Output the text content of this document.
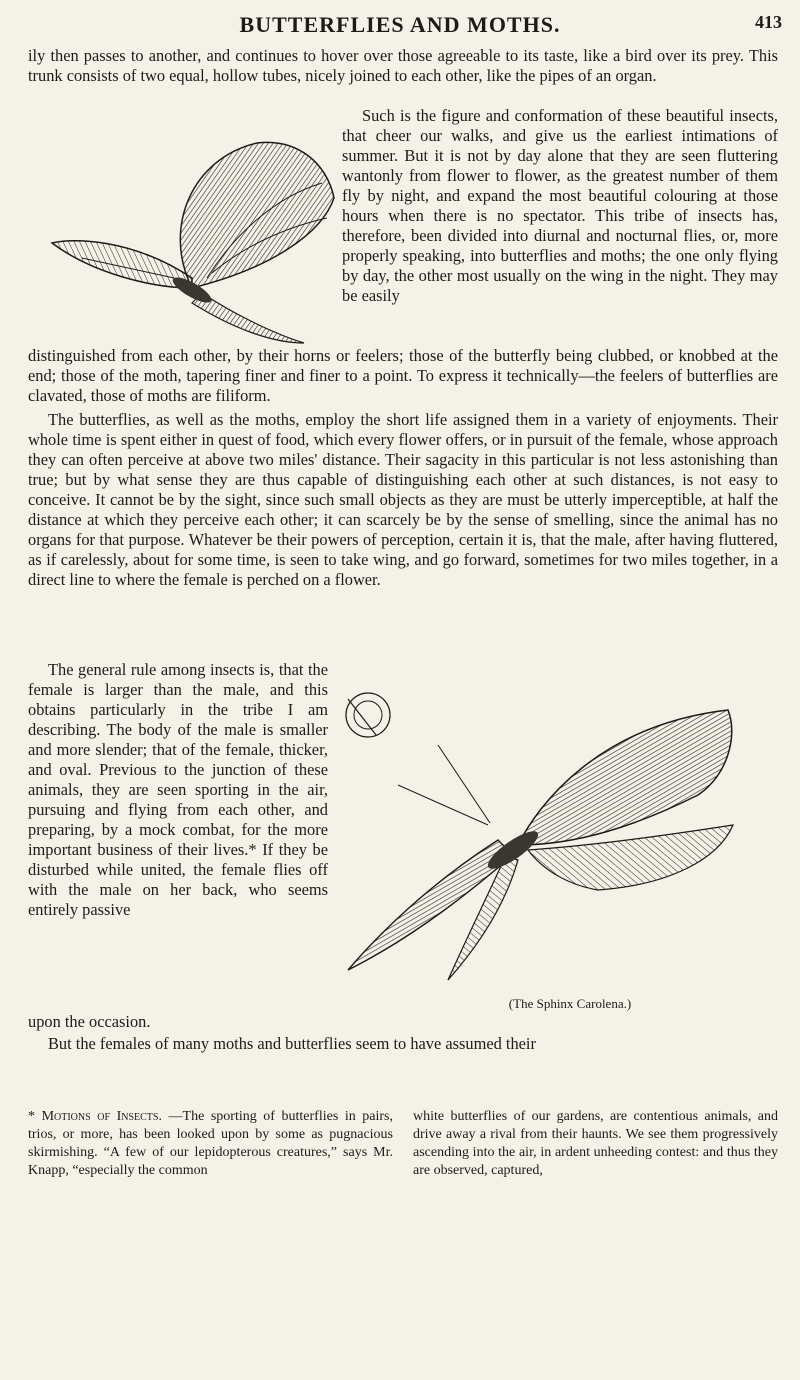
BUTTERFLIES AND MOTHS.	413

ily then passes to another, and continues to hover over those agreeable to its taste, like a bird over its prey. This trunk consists of two equal, hollow tubes, nicely joined to each other, like the pipes of an organ.

Such is the figure and conformation of these beautiful insects, that cheer our walks, and give us the earliest intimations of summer. But it is not by day alone that they are seen fluttering wantonly from flower to flower, as the greatest number of them fly by night, and expand the most beautiful colouring at those hours when there is no spectator. This tribe of insects has, therefore, been divided into diurnal and nocturnal flies, or, more properly speaking, into butterflies and moths; the one only flying by day, the other most usually on the wing in the night. They may be easily

distinguished from each other, by their horns or feelers; those of the butterfly being clubbed, or knobbed at the end; those of the moth, tapering finer and finer to a point. To express it technically—the feelers of butterflies are clavated, those of moths are filiform.

The butterflies, as well as the moths, employ the short life assigned them in a variety of enjoyments. Their whole time is spent either in quest of food, which every flower offers, or in pursuit of the female, whose approach they can often perceive at above two miles' distance. Their sagacity in this particular is not less astonishing than true; but by what sense they are thus capable of distinguishing each other at such distances, is not easy to conceive. It cannot be by the sight, since such small objects as they are must be utterly imperceptible, at half the distance at which they perceive each other; it can scarcely be by the sense of smelling, since the animal has no organs for that purpose. Whatever be their powers of perception, certain it is, that the male, after having fluttered, as if carelessly, about for some time, is seen to take wing, and go forward, sometimes for two miles together, in a direct line to where the female is perched on a flower.

The general rule among insects is, that the female is larger than the male, and this obtains particularly in the tribe I am describing. The body of the male is smaller and more slender; that of the female, thicker, and oval. Previous to the junction of these animals, they are seen sporting in the air, pursuing and flying from each other, and preparing, by a mock combat, for the more important business of their lives.* If they be disturbed while united, the female flies off with the male on her back, who seems entirely passive

(The Sphinx Carolena.)

upon the occasion.

But the females of many moths and butterflies seem to have assumed their

* Motions of Insects. —The sporting of butterflies in pairs, trios, or more, has been looked upon by some as pugnacious skirmishing. “A few of our lepidopterous creatures,” says Mr. Knapp, “especially the common
white butterflies of our gardens, are contentious animals, and drive away a rival from their haunts. We see them progressively ascending into the air, in ardent unheeding contest: and thus they are observed, captured,
